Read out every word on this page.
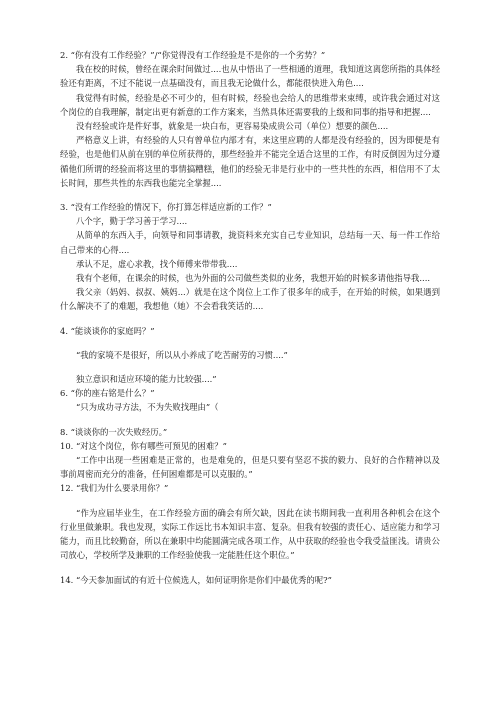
2. “你有没有工作经验？”/“你觉得没有工作经验是不是你的一个劣势？”

我在校的时候，曾经在课余时间做过....也从中悟出了一些相通的道理，我知道这离您所指的具体经验还有距离，不过不能说一点基础没有，而且我无论做什么，都能很快进入角色....

我觉得有时候，经验是必不可少的，但有时候，经验也会给人的思维带来束缚，或许我会通过对这个岗位的自我理解，制定出更有新意的工作方案来，当然具体还需要我的上级和同事的指导和把握....

没有经验或许是件好事，就象是一块白布，更容易染成贵公司（单位）想要的颜色....

严格意义上讲，有经验的人只有曾单位内部才有，来这里应聘的人都是没有经验的，因为即便是有经验，也是他们从前在别的单位所获得的，那些经验并不能完全适合这里的工作，有时反倒因为过分遵循他们所谓的经验而将这里的事情搞糟糕，他们的经验无非是行业中的一些共性的东西，相信用不了太长时间，那些共性的东西我也能完全掌握....

3. “没有工作经验的情况下，你打算怎样适应新的工作？”

八个字，勤于学习善于学习....

从简单的东西入手，向领导和同事请教，拢资料来充实自己专业知识，总结每一天、每一件工作给自己带来的心得....

承认不足，虚心求教，找个师傅来带带我....

我有个老师，在课余的时候，也为外面的公司做些类似的业务，我想开始的时候多请他指导我....

我父亲（妈妈、叔叔、姨妈...）就是在这个岗位上工作了很多年的成手，在开始的时候，如果遇到什么解决不了的难题，我想他（她）不会看我笑话的....

4. “能谈谈你的家庭吗？”

“我的家境不是很好，所以从小养成了吃苦耐劳的习惯....”

独立意识和适应环境的能力比较强....”

6. “你的座右铭是什么？”

“只为成功寻方法，不为失败找理由”（

8. “谈谈你的一次失败经历。”

10. “对这个岗位，你有哪些可预见的困难？”

“工作中出现一些困难是正常的，也是难免的，但是只要有坚忍不拔的毅力、良好的合作精神以及事前周密而充分的准备，任何困难都是可以克服的。”

12. “我们为什么要录用你？”

“作为应届毕业生，在工作经验方面的确会有所欠缺，因此在读书期间我一直利用各种机会在这个行业里做兼职。我也发现，实际工作远比书本知识丰富、复杂。但我有较强的责任心、适应能力和学习能力，而且比较勤奋，所以在兼职中均能圆满完成各项工作，从中获取的经验也令我受益匪浅。请贵公司放心，学校所学及兼职的工作经验使我一定能胜任这个职位。”

14. “今天参加面试的有近十位候选人，如何证明你是你们中最优秀的呢?”
